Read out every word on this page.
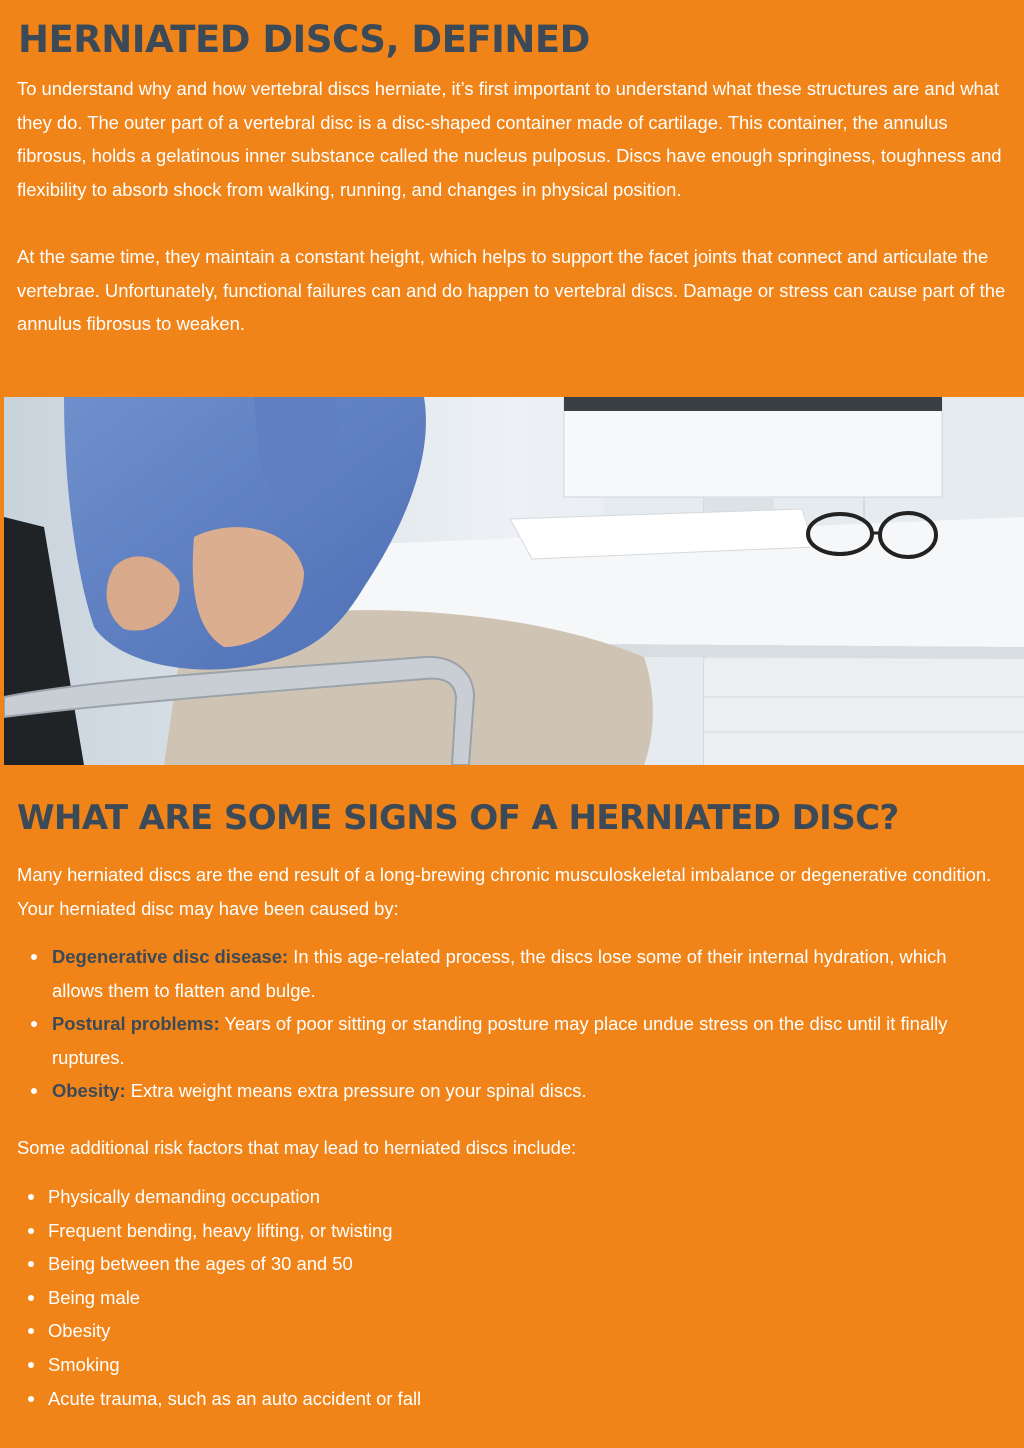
HERNIATED DISCS, DEFINED

To understand why and how vertebral discs herniate, it’s first important to understand what these structures are and what they do. The outer part of a vertebral disc is a disc-shaped container made of cartilage. This container, the annulus fibrosus, holds a gelatinous inner substance called the nucleus pulposus. Discs have enough springiness, toughness and flexibility to absorb shock from walking, running, and changes in physical position.

At the same time, they maintain a constant height, which helps to support the facet joints that connect and articulate the vertebrae. Unfortunately, functional failures can and do happen to vertebral discs. Damage or stress can cause part of the annulus fibrosus to weaken.

WHAT ARE SOME SIGNS OF A HERNIATED DISC?

Many herniated discs are the end result of a long-brewing chronic musculoskeletal imbalance or degenerative condition. Your herniated disc may have been caused by:

Degenerative disc disease: In this age-related process, the discs lose some of their internal hydration, which allows them to flatten and bulge.
Postural problems: Years of poor sitting or standing posture may place undue stress on the disc until it finally ruptures.
Obesity: Extra weight means extra pressure on your spinal discs.

Some additional risk factors that may lead to herniated discs include:

Physically demanding occupation
Frequent bending, heavy lifting, or twisting
Being between the ages of 30 and 50
Being male
Obesity
Smoking
Acute trauma, such as an auto accident or fall
